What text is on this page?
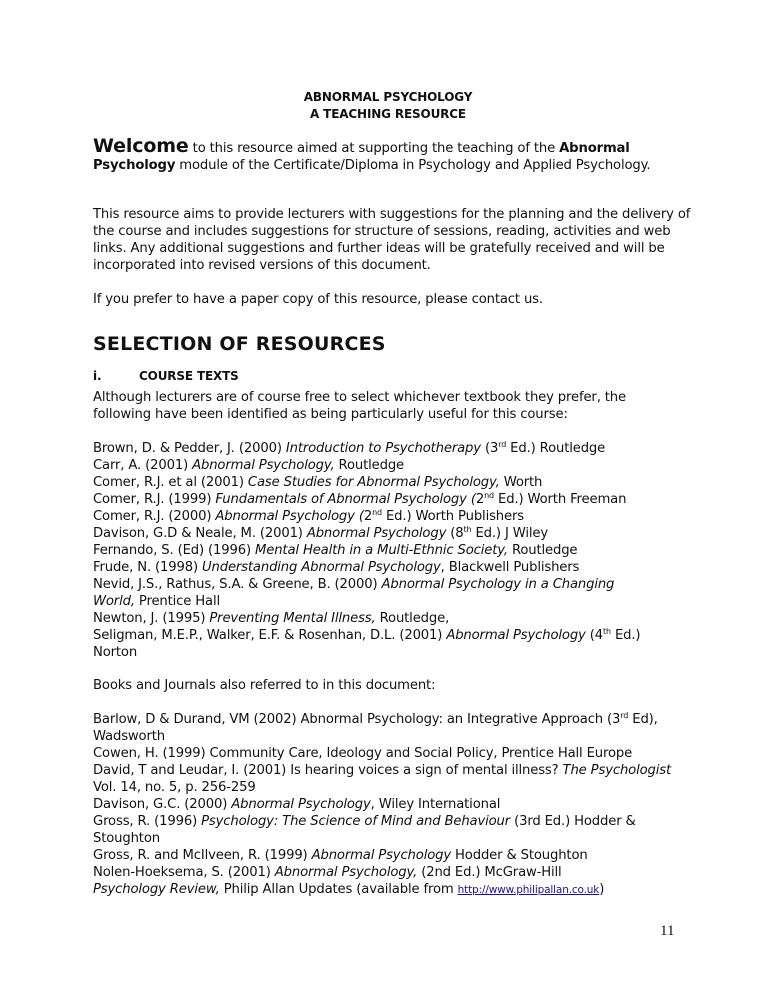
ABNORMAL PSYCHOLOGY
A TEACHING RESOURCE
Welcome to this resource aimed at supporting the teaching of the Abnormal
Psychology module of the Certificate/Diploma in Psychology and Applied Psychology.
This resource aims to provide lecturers with suggestions for the planning and the delivery of the course and includes suggestions for structure of sessions, reading, activities and web links. Any additional suggestions and further ideas will be gratefully received and will be incorporated into revised versions of this document.
If you prefer to have a paper copy of this resource, please contact us.
SELECTION OF RESOURCES
i.	COURSE TEXTS
Although lecturers are of course free to select whichever textbook they prefer, the following have been identified as being particularly useful for this course:
Brown, D. & Pedder, J. (2000) Introduction to Psychotherapy (3rd Ed.) Routledge
Carr, A. (2001) Abnormal Psychology, Routledge
Comer, R.J. et al (2001) Case Studies for Abnormal Psychology, Worth
Comer, R.J. (1999) Fundamentals of Abnormal Psychology (2nd Ed.) Worth Freeman
Comer, R.J. (2000) Abnormal Psychology (2nd Ed.) Worth Publishers
Davison, G.D & Neale, M. (2001) Abnormal Psychology (8th Ed.) J Wiley
Fernando, S. (Ed) (1996) Mental Health in a Multi-Ethnic Society, Routledge
Frude, N. (1998) Understanding Abnormal Psychology, Blackwell Publishers
Nevid, J.S., Rathus, S.A. & Greene, B. (2000) Abnormal Psychology in a Changing World, Prentice Hall
Newton, J. (1995) Preventing Mental Illness, Routledge,
Seligman, M.E.P., Walker, E.F. & Rosenhan, D.L. (2001) Abnormal Psychology (4th Ed.) Norton
Books and Journals also referred to in this document:
Barlow, D & Durand, VM (2002) Abnormal Psychology: an Integrative Approach (3rd Ed), Wadsworth
Cowen, H. (1999) Community Care, Ideology and Social Policy, Prentice Hall Europe
David, T and Leudar, I. (2001) Is hearing voices a sign of mental illness? The Psychologist Vol. 14, no. 5, p. 256-259
Davison, G.C. (2000) Abnormal Psychology, Wiley International
Gross, R. (1996) Psychology: The Science of Mind and Behaviour (3rd Ed.) Hodder & Stoughton
Gross, R. and McIlveen, R. (1999) Abnormal Psychology Hodder & Stoughton
Nolen-Hoeksema, S. (2001) Abnormal Psychology, (2nd Ed.) McGraw-Hill
Psychology Review, Philip Allan Updates (available from http://www.philipallan.co.uk)
11
